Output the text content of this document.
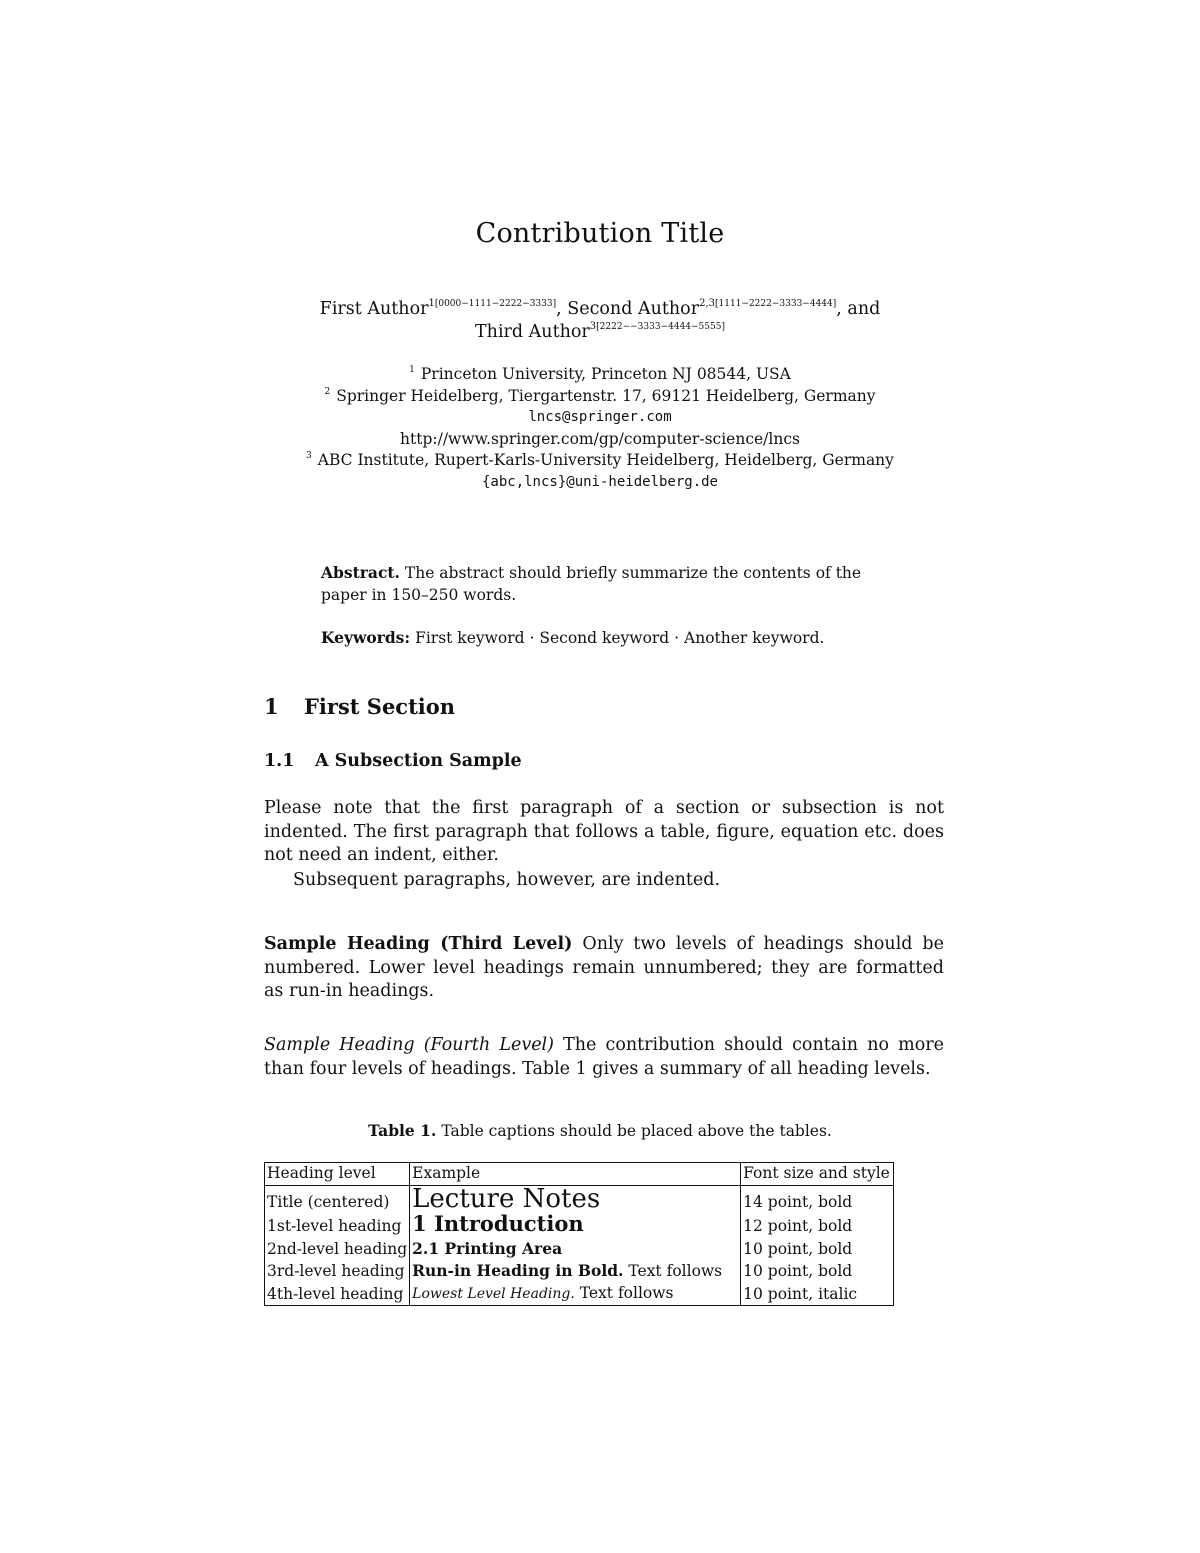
Contribution Title
First Author$^{1[0000-1111-2222-3333]}$, Second Author$^{2,3[1111-2222-3333-4444]}$, and
Third Author$^{3[2222--3333-4444-5555]}$
$^1$ Princeton University, Princeton NJ 08544, USA
$^2$ Springer Heidelberg, Tiergartenstr. 17, 69121 Heidelberg, Germany
lncs@springer.com
http://www.springer.com/gp/computer-science/lncs
$^3$ ABC Institute, Rupert-Karls-University Heidelberg, Heidelberg, Germany
{abc,lncs}@uni-heidelberg.de
Abstract. The abstract should briefly summarize the contents of the paper in 150–250 words.
Keywords: First keyword · Second keyword · Another keyword.
1 First Section
1.1 A Subsection Sample
Please note that the first paragraph of a section or subsection is not indented. The first paragraph that follows a table, figure, equation etc. does not need an indent, either.
Subsequent paragraphs, however, are indented.
Sample Heading (Third Level) Only two levels of headings should be numbered. Lower level headings remain unnumbered; they are formatted as run-in headings.
Sample Heading (Fourth Level) The contribution should contain no more than four levels of headings. Table 1 gives a summary of all heading levels.
Table 1. Table captions should be placed above the tables.
Heading level	Example	Font size and style
Title (centered)	Lecture Notes	14 point, bold
1st-level heading	1 Introduction	12 point, bold
2nd-level heading	2.1 Printing Area	10 point, bold
3rd-level heading	Run-in Heading in Bold. Text follows	10 point, bold
4th-level heading	Lowest Level Heading. Text follows	10 point, italic
